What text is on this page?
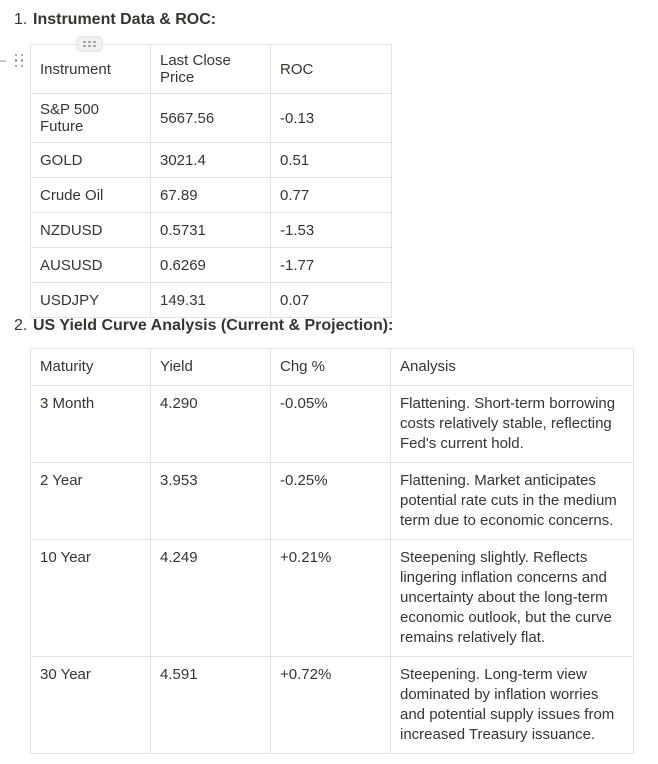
1. Instrument Data & ROC:
Instrument	Last Close Price	ROC
S&P 500 Future	5667.56	-0.13
GOLD	3021.4	0.51
Crude Oil	67.89	0.77
NZDUSD	0.5731	-1.53
AUSUSD	0.6269	-1.77
USDJPY	149.31	0.07
2. US Yield Curve Analysis (Current & Projection):
Maturity	Yield	Chg %	Analysis
3 Month	4.290	-0.05%	Flattening. Short-term borrowing costs relatively stable, reflecting Fed's current hold.
2 Year	3.953	-0.25%	Flattening. Market anticipates potential rate cuts in the medium term due to economic concerns.
10 Year	4.249	+0.21%	Steepening slightly. Reflects lingering inflation concerns and uncertainty about the long-term economic outlook, but the curve remains relatively flat.
30 Year	4.591	+0.72%	Steepening. Long-term view dominated by inflation worries and potential supply issues from increased Treasury issuance.
